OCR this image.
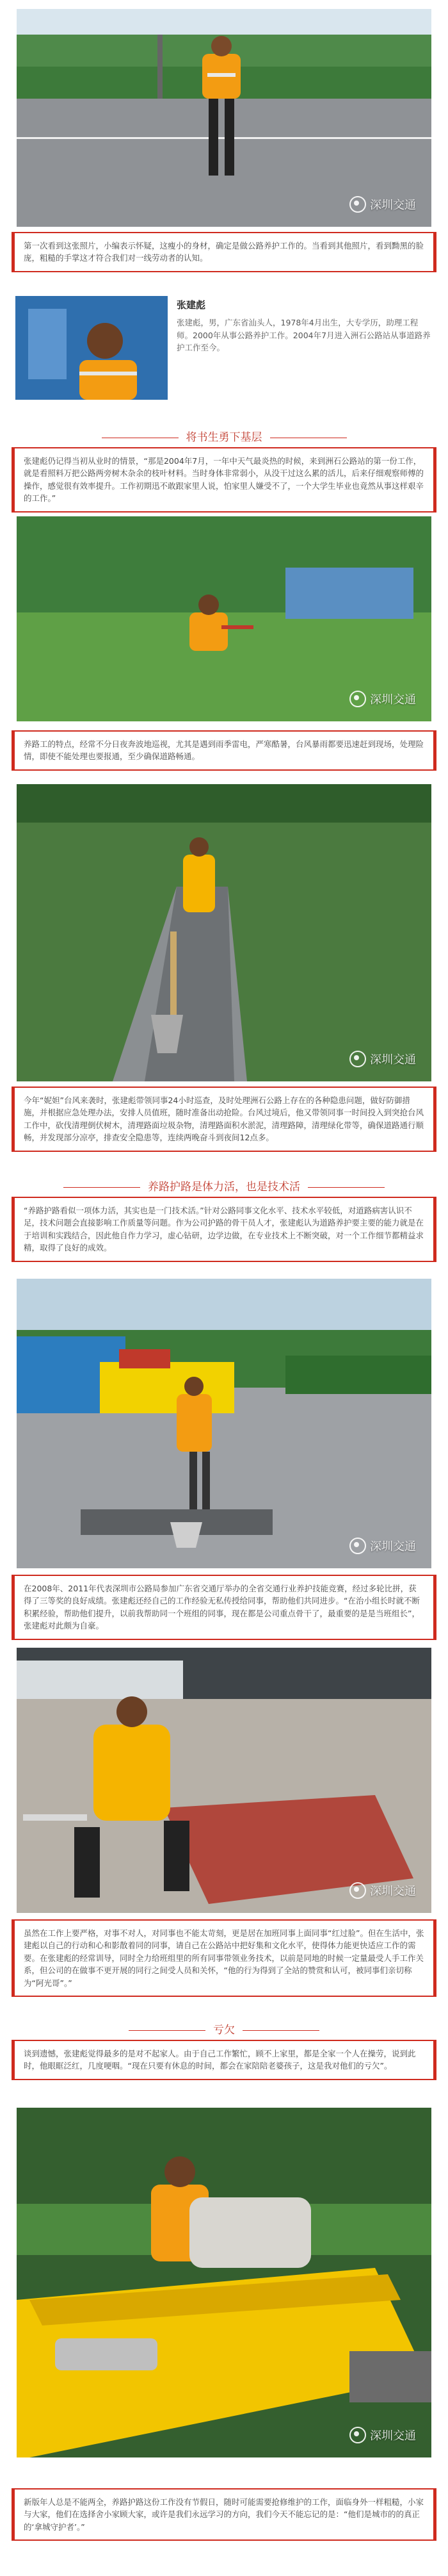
深圳交通
第一次看到这张照片，小编表示怀疑，这瘦小的身材，确定是做公路养护工作的。当看到其他照片，看到黝黑的脸庞，粗糙的手掌这才符合我们对一线劳动者的认知。
张建彪
张建彪，男，广东省汕头人，1978年4月出生，大专学历，助理工程师。2000年从事公路养护工作。2004年7月进入洲石公路站从事道路养护工作至今。
将书生勇下基层
张建彪仍记得当初从业时的情景，“那是2004年7月，一年中天气最炎热的时候，来到洲石公路站的第一份工作，就是看照料万把公路两旁树木杂余的枝叶材料。当时身体非常弱小，从没干过这么累的活儿，后来仔细观察师傅的操作，感觉很有效率提升。工作初期迅不敢跟家里人说，怕家里人嫌受不了，一个大学生毕业也竟然从事这样艰辛的工作。”
深圳交通
养路工的特点，经常不分日夜奔波地巡视，尤其是遇到雨季雷电，严寒酷暑，台风暴雨都要迅速赶到现场，处理险情，即使不能处理也要报通，至少确保道路畅通。
深圳交通
今年“妮妲”台风来袭时，张建彪带领同事24小时巡查，及时处理洲石公路上存在的各种隐患问题，做好防御措施，并根据应急处理办法，安排人员值班，随时准备出动抢险。台风过境后，他又带领同事一时间投入到突抢台风工作中，砍伐清理倒伏树木，清理路面垃圾杂物，清理路面积水淤泥，清理路障，清理绿化带等，确保道路通行顺畅，并发现部分凉亭，排查安全隐患等，连续两晚奋斗到夜间12点多。
养路护路是体力活，也是技术活
“养路护路看似一项体力活，其实也是一门技术活。”针对公路同事文化水平、技术水平较低，对道路病害认识不足，技术问题会直接影响工作质量等问题。作为公司护路的骨干员人才，张建彪认为道路养护要主要的能力就是在于培训和实践结合，因此他自作力学习，虚心钻研，边学边做，在专业技术上不断突破，对一个工作细节都精益求精，取得了良好的成效。
深圳交通
在2008年、2011年代表深圳市公路局参加广东省交通厅举办的全省交通行业养护技能竞赛，经过多轮比拼，获得了三等奖的良好成绩。张建彪还经自己的工作经验无私传授给同事，帮助他们共同进步。“在治小组长时就不断积累经验，帮助他们提升，以前我帮助同一个班组的同事，现在都是公司重点骨干了，最重要的是是当班组长”，张建彪对此颇为自豪。
深圳交通
虽然在工作上要严格，对事不对人，对同事也不能太苛刻，更是居在加班同事上面同事“红过脸”。但在生活中，张建彪以自己的行动和心和影散着同的同事，请自己在公路站中把好集和文化水平，使得体力能更快适应工作的需要。在张建彪的经常训导，同时全力给班组里的所有同事带领业务技术，以前是同地的时候一定量最受人手工作关系，但公司的在做事不更开展的同行之间受人员和关怀，“他的行为得到了全站的赞赏和认可，被同事们亲切称为“阿光哥”。”
亏欠
谈到遗憾，张建彪觉得最多的是对不起家人。由于自己工作繁忙，顾不上家里，都是全家一个人在操劳，说到此时，他眼眶泛红，几度哽咽。“现在只要有休息的时间，都会在家陪陪老婆孩子，这是我对他们的亏欠”。
深圳交通
新版年人总是不能两全，养路护路这份工作没有节假日，随时可能需要抢修维护的工作，面临身外一样粗糙，小家与大家，他们在选择舍小家顾大家，或许是我们永远学习的方向，我们今天不能忘记的是：“他们是城市的的真正的‘拿城守护者’。”
